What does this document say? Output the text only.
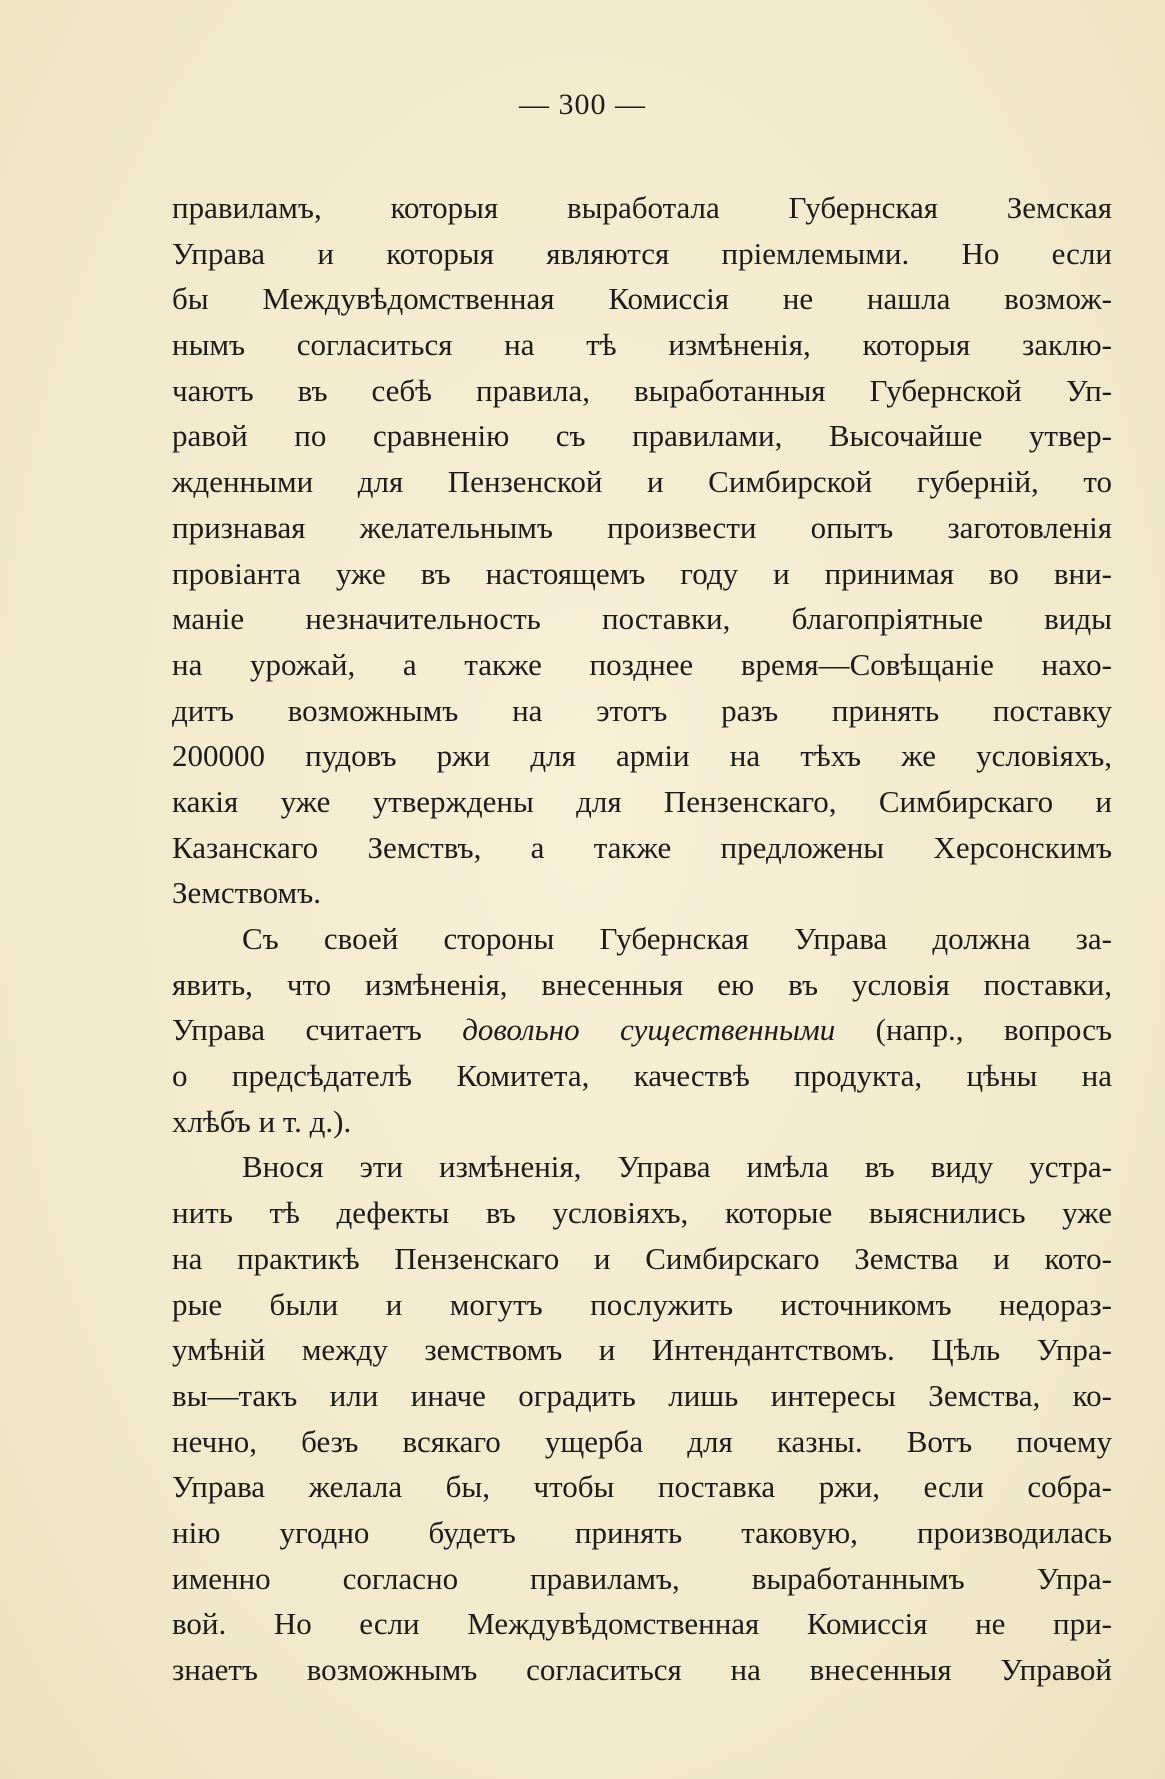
— 300 —
правиламъ, которыя выработала Губернская Земская
Управа и которыя являются пріемлемыми. Но если
бы Междувѣдомственная Комиссія не нашла возмож-
нымъ согласиться на тѣ измѣненія, которыя заклю-
чаютъ въ себѣ правила, выработанныя Губернской Уп-
равой по сравненію съ правилами, Высочайше утвер-
жденными для Пензенской и Симбирской губерній, то
признавая желательнымъ произвести опытъ заготовленія
провіанта уже въ настоящемъ году и принимая во вни-
маніе незначительность поставки, благопріятные виды
на урожай, а также позднее время—Совѣщаніе нахо-
дитъ возможнымъ на этотъ разъ принять поставку
200000 пудовъ ржи для арміи на тѣхъ же условіяхъ,
какія уже утверждены для Пензенскаго, Симбирскаго и
Казанскаго Земствъ, а также предложены Херсонскимъ
Земствомъ.
Съ своей стороны Губернская Управа должна за-
явить, что измѣненія, внесенныя ею въ условія поставки,
Управа считаетъ довольно существенными (напр., вопросъ
о предсѣдателѣ Комитета, качествѣ продукта, цѣны на
хлѣбъ и т. д.).
Внося эти измѣненія, Управа имѣла въ виду устра-
нить тѣ дефекты въ условіяхъ, которые выяснились уже
на практикѣ Пензенскаго и Симбирскаго Земства и кото-
рые были и могутъ послужить источникомъ недораз-
умѣній между земствомъ и Интендантствомъ. Цѣль Упра-
вы—такъ или иначе оградить лишь интересы Земства, ко-
нечно, безъ всякаго ущерба для казны. Вотъ почему
Управа желала бы, чтобы поставка ржи, если собра-
нію угодно будетъ принять таковую, производилась
именно согласно правиламъ, выработаннымъ Упра-
вой. Но если Междувѣдомственная Комиссія не при-
знаетъ возможнымъ согласиться на внесенныя Управой
